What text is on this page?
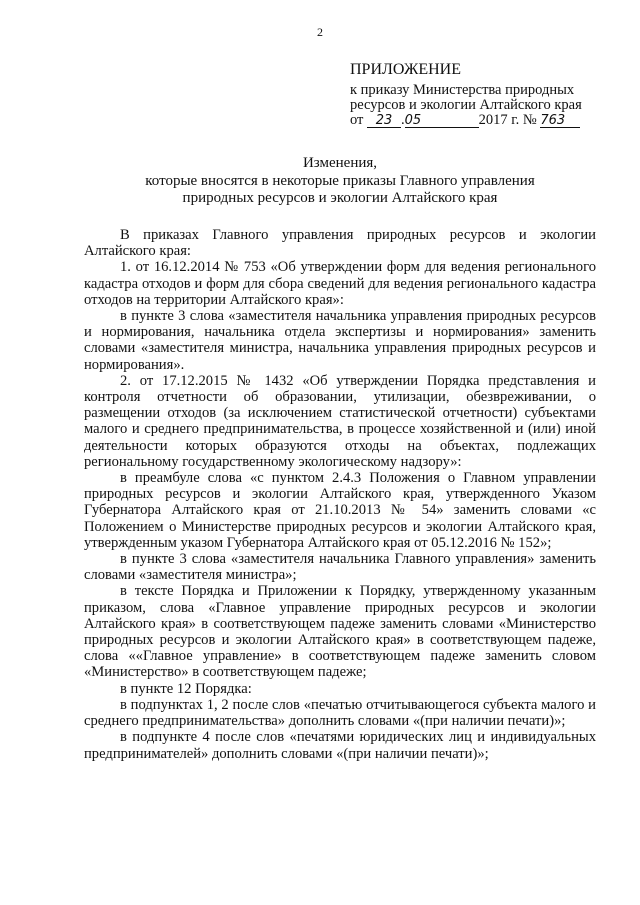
2
ПРИЛОЖЕНИЕ
к приказу Министерства природных
ресурсов и экологии Алтайского края
от 23 .05	2017 г. № 763
Изменения,
которые вносятся в некоторые приказы Главного управления
природных ресурсов и экологии Алтайского края

В приказах Главного управления природных ресурсов и экологии Алтайского края:

1. от 16.12.2014 № 753 «Об утверждении форм для ведения регионального кадастра отходов и форм для сбора сведений для ведения регионального кадастра отходов на территории Алтайского края»:

в пункте 3 слова «заместителя начальника управления природных ресурсов и нормирования, начальника отдела экспертизы и нормирования» заменить словами «заместителя министра, начальника управления природных ресурсов и нормирования».

2. от 17.12.2015 № 1432 «Об утверждении Порядка представления и контроля отчетности об образовании, утилизации, обезвреживании, о размещении отходов (за исключением статистической отчетности) субъектами малого и среднего предпринимательства, в процессе хозяйственной и (или) иной деятельности которых образуются отходы на объектах, подлежащих региональному государственному экологическому надзору»:

в преамбуле слова «с пунктом 2.4.3 Положения о Главном управлении природных ресурсов и экологии Алтайского края, утвержденного Указом Губернатора Алтайского края от 21.10.2013 № 54» заменить словами «с Положением о Министерстве природных ресурсов и экологии Алтайского края, утвержденным указом Губернатора Алтайского края от 05.12.2016 № 152»;

в пункте 3 слова «заместителя начальника Главного управления» заменить словами «заместителя министра»;

в тексте Порядка и Приложении к Порядку, утвержденному указанным приказом, слова «Главное управление природных ресурсов и экологии Алтайского края» в соответствующем падеже заменить словами «Министерство природных ресурсов и экологии Алтайского края» в соответствующем падеже, слова ««Главное управление» в соответствующем падеже заменить словом «Министерство» в соответствующем падеже;

в пункте 12 Порядка:

в подпунктах 1, 2 после слов «печатью отчитывающегося субъекта малого и среднего предпринимательства» дополнить словами «(при наличии печати)»;

в подпункте 4 после слов «печатями юридических лиц и индивидуальных предпринимателей» дополнить словами «(при наличии печати)»;
